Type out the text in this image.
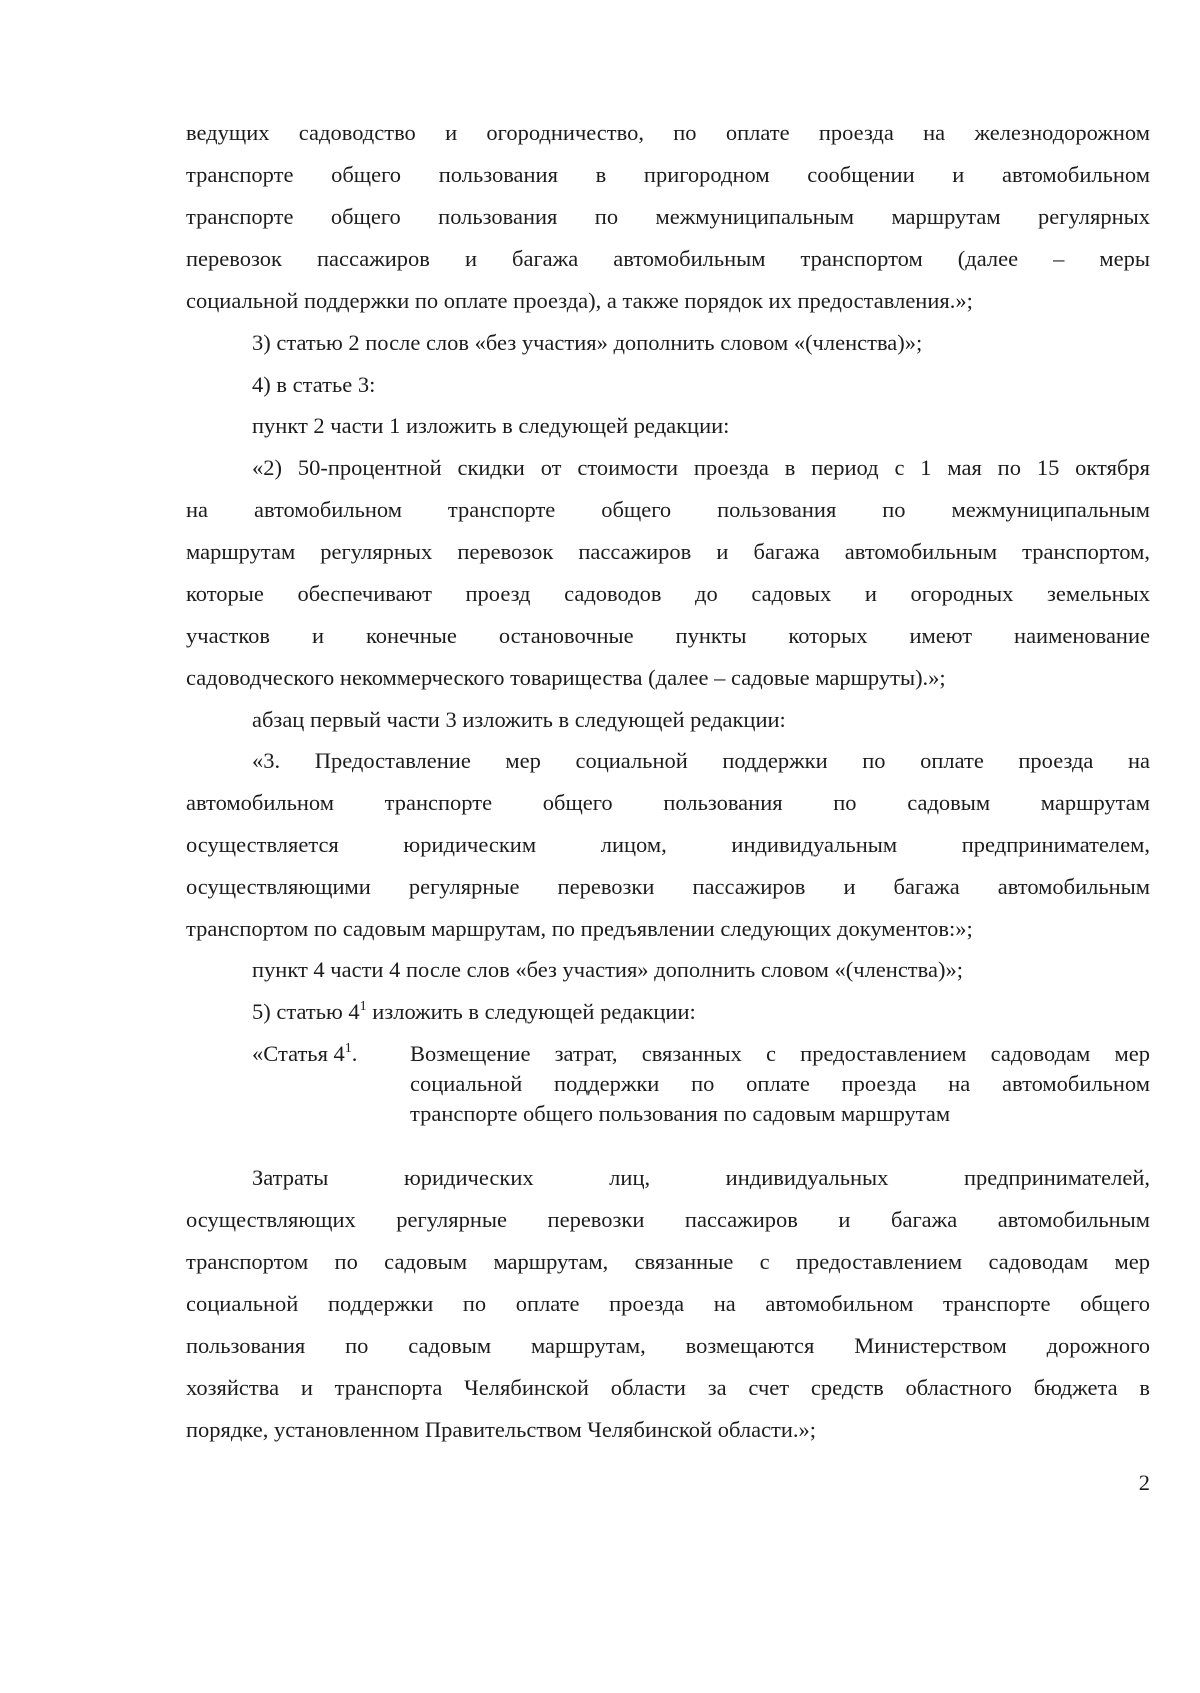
ведущих садоводство и огородничество, по оплате проезда на железнодорожном
транспорте общего пользования в пригородном сообщении и автомобильном
транспорте общего пользования по межмуниципальным маршрутам регулярных
перевозок пассажиров и багажа автомобильным транспортом (далее – меры
социальной поддержки по оплате проезда), а также порядок их предоставления.»;
3) статью 2 после слов «без участия» дополнить словом «(членства)»;
4) в статье 3:
пункт 2 части 1 изложить в следующей редакции:
«2) 50-процентной скидки от стоимости проезда в период с 1 мая по 15 октября
на автомобильном транспорте общего пользования по межмуниципальным
маршрутам регулярных перевозок пассажиров и багажа автомобильным транспортом,
которые обеспечивают проезд садоводов до садовых и огородных земельных
участков и конечные остановочные пункты которых имеют наименование
садоводческого некоммерческого товарищества (далее – садовые маршруты).»;
абзац первый части 3 изложить в следующей редакции:
«3. Предоставление мер социальной поддержки по оплате проезда на
автомобильном транспорте общего пользования по садовым маршрутам
осуществляется юридическим лицом, индивидуальным предпринимателем,
осуществляющими регулярные перевозки пассажиров и багажа автомобильным
транспортом по садовым маршрутам, по предъявлении следующих документов:»;
пункт 4 части 4 после слов «без участия» дополнить словом «(членства)»;
5) статью $4^1$ изложить в следующей редакции:
«Статья $4^1$. Возмещение затрат, связанных с предоставлением садоводам мер
социальной поддержки по оплате проезда на автомобильном
транспорте общего пользования по садовым маршрутам
Затраты юридических лиц, индивидуальных предпринимателей,
осуществляющих регулярные перевозки пассажиров и багажа автомобильным
транспортом по садовым маршрутам, связанные с предоставлением садоводам мер
социальной поддержки по оплате проезда на автомобильном транспорте общего
пользования по садовым маршрутам, возмещаются Министерством дорожного
хозяйства и транспорта Челябинской области за счет средств областного бюджета в
порядке, установленном Правительством Челябинской области.»;
2
